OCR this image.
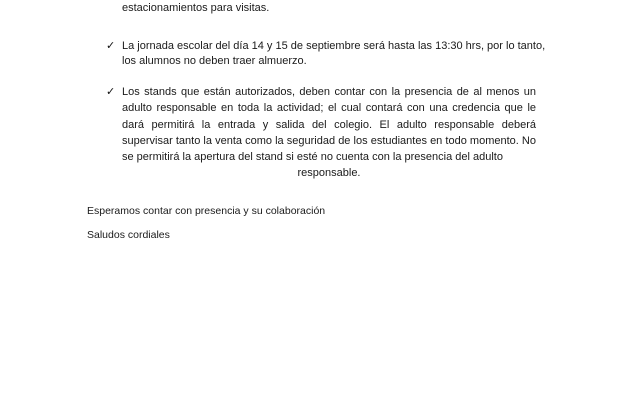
estacionamientos para visitas.
✓ La jornada escolar del día 14 y 15 de septiembre será hasta las 13:30 hrs, por lo tanto,
los alumnos no deben traer almuerzo.
✓ Los stands que están autorizados, deben contar con la presencia de al menos un adulto responsable en toda la actividad; el cual contará con una credencia que le dará permitirá la entrada y salida del colegio. El adulto responsable deberá supervisar tanto la venta como la seguridad de los estudiantes en todo momento. No se permitirá la apertura del stand si esté no cuenta con la presencia del adulto
responsable.
Esperamos contar con presencia y su colaboración
Saludos cordiales
